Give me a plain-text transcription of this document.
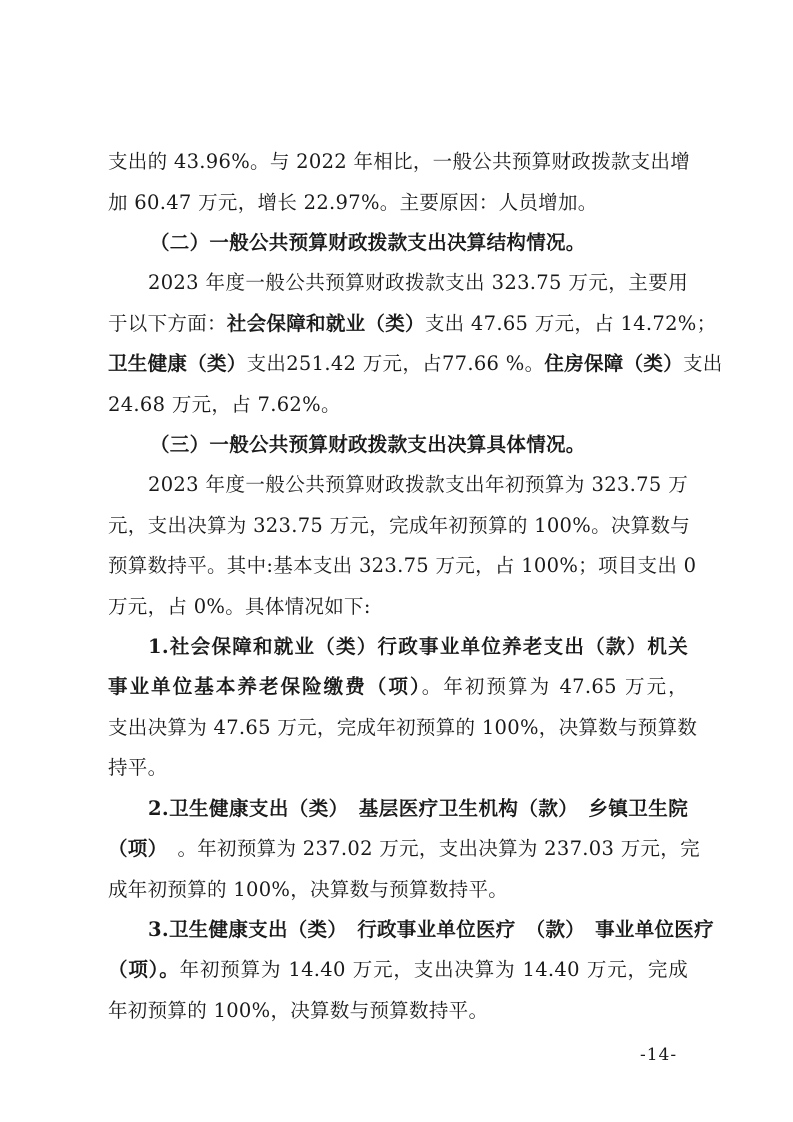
支出的 43.96%。与 2022 年相比，一般公共预算财政拨款支出增
加 60.47 万元，增长 22.97%。主要原因：人员增加。
（二）一般公共预算财政拨款支出决算结构情况。
2023 年度一般公共预算财政拨款支出 323.75 万元，主要用
于以下方面：社会保障和就业（类）支出 47.65 万元，占 14.72%；
卫生健康（类）支出251.42 万元，占77.66 %。住房保障（类）支出
24.68 万元，占 7.62%。
（三）一般公共预算财政拨款支出决算具体情况。
2023 年度一般公共预算财政拨款支出年初预算为 323.75 万
元，支出决算为 323.75 万元，完成年初预算的 100%。决算数与
预算数持平。其中:基本支出 323.75 万元，占 100%；项目支出 0
万元，占 0%。具体情况如下:
1.社会保障和就业（类）行政事业单位养老支出（款）机关
事业单位基本养老保险缴费（项）。年初预算为 47.65 万元，
支出决算为 47.65 万元，完成年初预算的 100%，决算数与预算数
持平。
2.卫生健康支出（类）　基层医疗卫生机构（款）　乡镇卫生院
（项）　。年初预算为 237.02 万元，支出决算为 237.03 万元，完
成年初预算的 100%，决算数与预算数持平。
3.卫生健康支出（类）　行政事业单位医疗　（款）　事业单位医疗
（项）。年初预算为 14.40 万元，支出决算为 14.40 万元，完成
年初预算的 100%，决算数与预算数持平。
-14-
